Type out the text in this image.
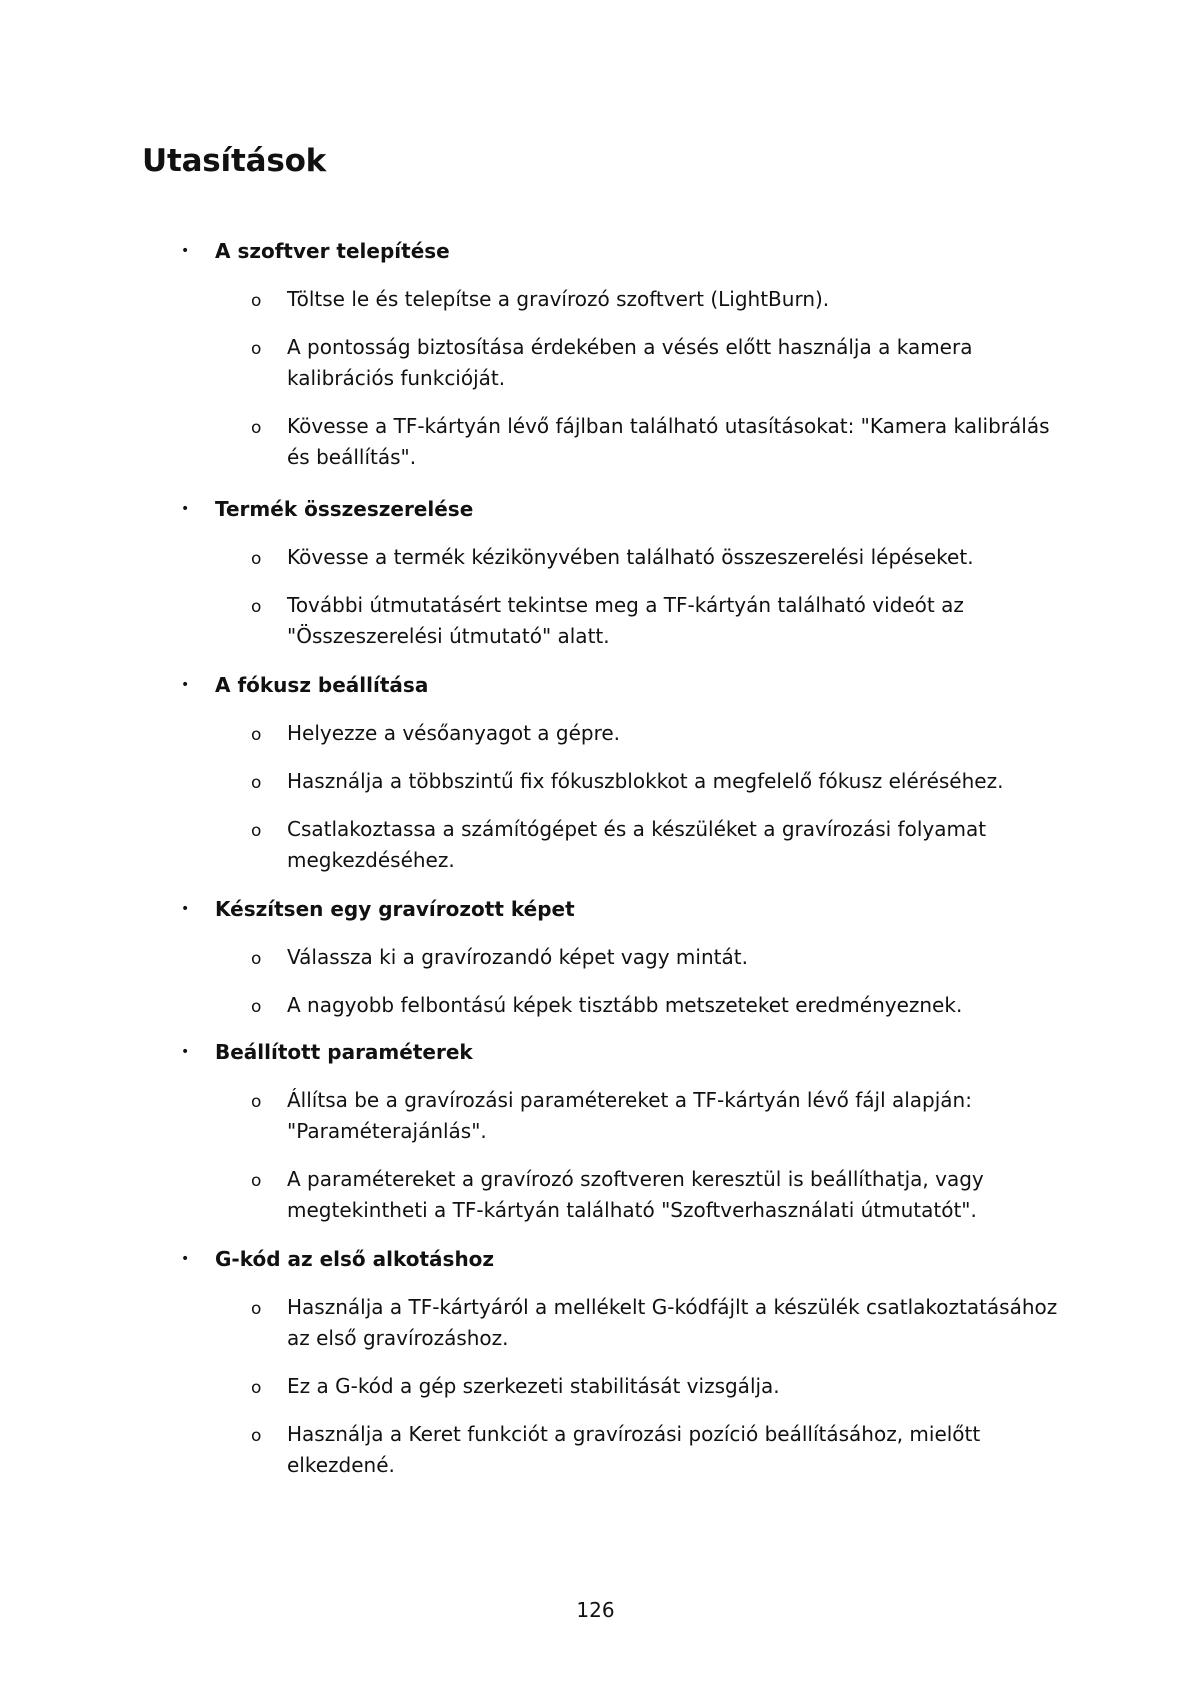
Utasítások
• A szoftver telepítése
o Töltse le és telepítse a gravírozó szoftvert (LightBurn).
o A pontosság biztosítása érdekében a vésés előtt használja a kamera kalibrációs funkcióját.
o Kövesse a TF-kártyán lévő fájlban található utasításokat: "Kamera kalibrálás és beállítás".
• Termék összeszerelése
o Kövesse a termék kézikönyvében található összeszerelési lépéseket.
o További útmutatásért tekintse meg a TF-kártyán található videót az "Összeszerelési útmutató" alatt.
• A fókusz beállítása
o Helyezze a vésőanyagot a gépre.
o Használja a többszintű fix fókuszblokkot a megfelelő fókusz eléréséhez.
o Csatlakoztassa a számítógépet és a készüléket a gravírozási folyamat megkezdéséhez.
• Készítsen egy gravírozott képet
o Válassza ki a gravírozandó képet vagy mintát.
o A nagyobb felbontású képek tisztább metszeteket eredményeznek.
• Beállított paraméterek
o Állítsa be a gravírozási paramétereket a TF-kártyán lévő fájl alapján: "Paraméterajánlás".
o A paramétereket a gravírozó szoftveren keresztül is beállíthatja, vagy megtekintheti a TF-kártyán található "Szoftverhasználati útmutatót".
• G-kód az első alkotáshoz
o Használja a TF-kártyáról a mellékelt G-kódfájlt a készülék csatlakoztatásához az első gravírozáshoz.
o Ez a G-kód a gép szerkezeti stabilitását vizsgálja.
o Használja a Keret funkciót a gravírozási pozíció beállításához, mielőtt elkezdené.
126
